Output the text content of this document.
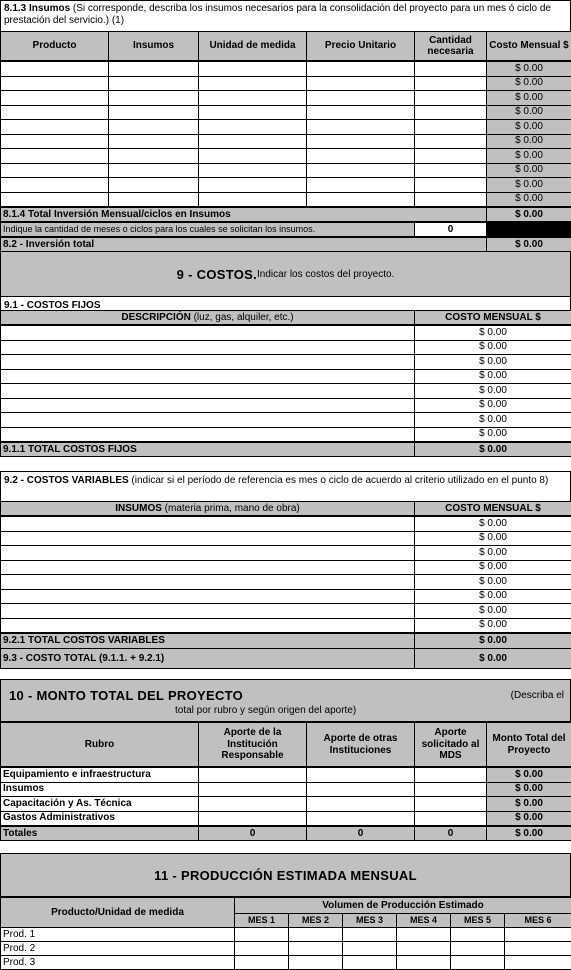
8.1.3 Insumos (Si corresponde, describa los insumos necesarios para la consolidación del proyecto para un mes ó ciclo de prestación del servicio.) (1)
Producto	Insumos	Unidad de medida	Precio Unitario	Cantidad necesaria	Costo Mensual $
					$ 0.00
					$ 0.00
					$ 0.00
					$ 0.00
					$ 0.00
					$ 0.00
					$ 0.00
					$ 0.00
					$ 0.00
					$ 0.00
8.1.4 Total Inversión Mensual/ciclos en Insumos	$ 0.00
Indique la cantidad de meses o ciclos para los cuales se solicitan los insumos.	0	
8.2 - Inversión total	$ 0.00
9 - COSTOS. Indicar los costos del proyecto.
9.1 - COSTOS FIJOS
DESCRIPCIÓN (luz, gas, alquiler, etc.)	COSTO MENSUAL $
	$ 0.00
	$ 0.00
	$ 0.00
	$ 0.00
	$ 0.00
	$ 0.00
	$ 0.00
	$ 0.00
9.1.1 TOTAL COSTOS FIJOS	$ 0.00
9.2 - COSTOS VARIABLES (indicar si el período de referencia es mes o ciclo de acuerdo al criterio utilizado en el punto 8)
INSUMOS (materia prima, mano de obra)	COSTO MENSUAL $
	$ 0.00
	$ 0.00
	$ 0.00
	$ 0.00
	$ 0.00
	$ 0.00
	$ 0.00
	$ 0.00
9.2.1 TOTAL COSTOS VARIABLES	$ 0.00
9.3 - COSTO TOTAL (9.1.1. + 9.2.1)	$ 0.00
10 - MONTO TOTAL DEL PROYECTO	(Describa el
total por rubro y según origen del aporte)
Rubro	Aporte de la Institución Responsable	Aporte de otras Instituciones	Aporte solicitado al MDS	Monto Total del Proyecto
Equipamiento e infraestructura				$ 0.00
Insumos				$ 0.00
Capacitación y As. Técnica				$ 0.00
Gastos Administrativos				$ 0.00
Totales	0	0	0	$ 0.00
11 - PRODUCCIÓN ESTIMADA MENSUAL
Producto/Unidad de medida	Volumen de Producción Estimado					
	MES 1	MES 2	MES 3	MES 4	MES 5	MES 6
Prod. 1						
Prod. 2						
Prod. 3						
